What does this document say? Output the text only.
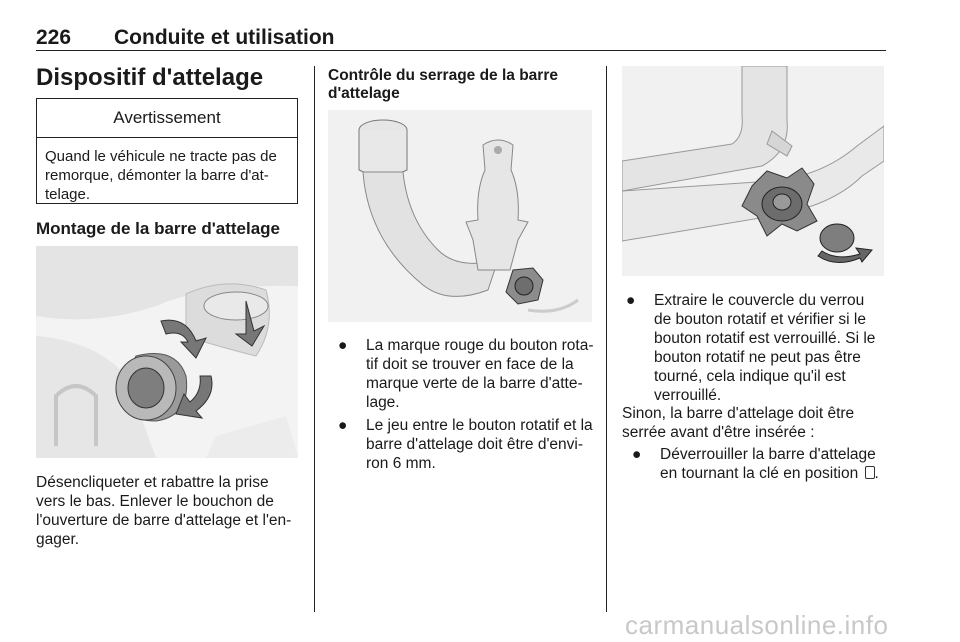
226 Conduite et utilisation
Dispositif d'attelage
Avertissement
Quand le véhicule ne tracte pas de
remorque, démonter la barre d'at-
telage.
Montage de la barre d'attelage
Désencliqueter et rabattre la prise
vers le bas. Enlever le bouchon de
l'ouverture de barre d'attelage et l'en-
gager.
Contrôle du serrage de la barre
d'attelage
● La marque rouge du bouton rota-
tif doit se trouver en face de la
marque verte de la barre d'atte-
lage.
● Le jeu entre le bouton rotatif et la
barre d'attelage doit être d'envi-
ron 6 mm.
● Extraire le couvercle du verrou
de bouton rotatif et vérifier si le
bouton rotatif est verrouillé. Si le
bouton rotatif ne peut pas être
tourné, cela indique qu'il est
verrouillé.
Sinon, la barre d'attelage doit être
serrée avant d'être insérée :
● Déverrouiller la barre d'attelage
en tournant la clé en position .
carmanualsonline.info
